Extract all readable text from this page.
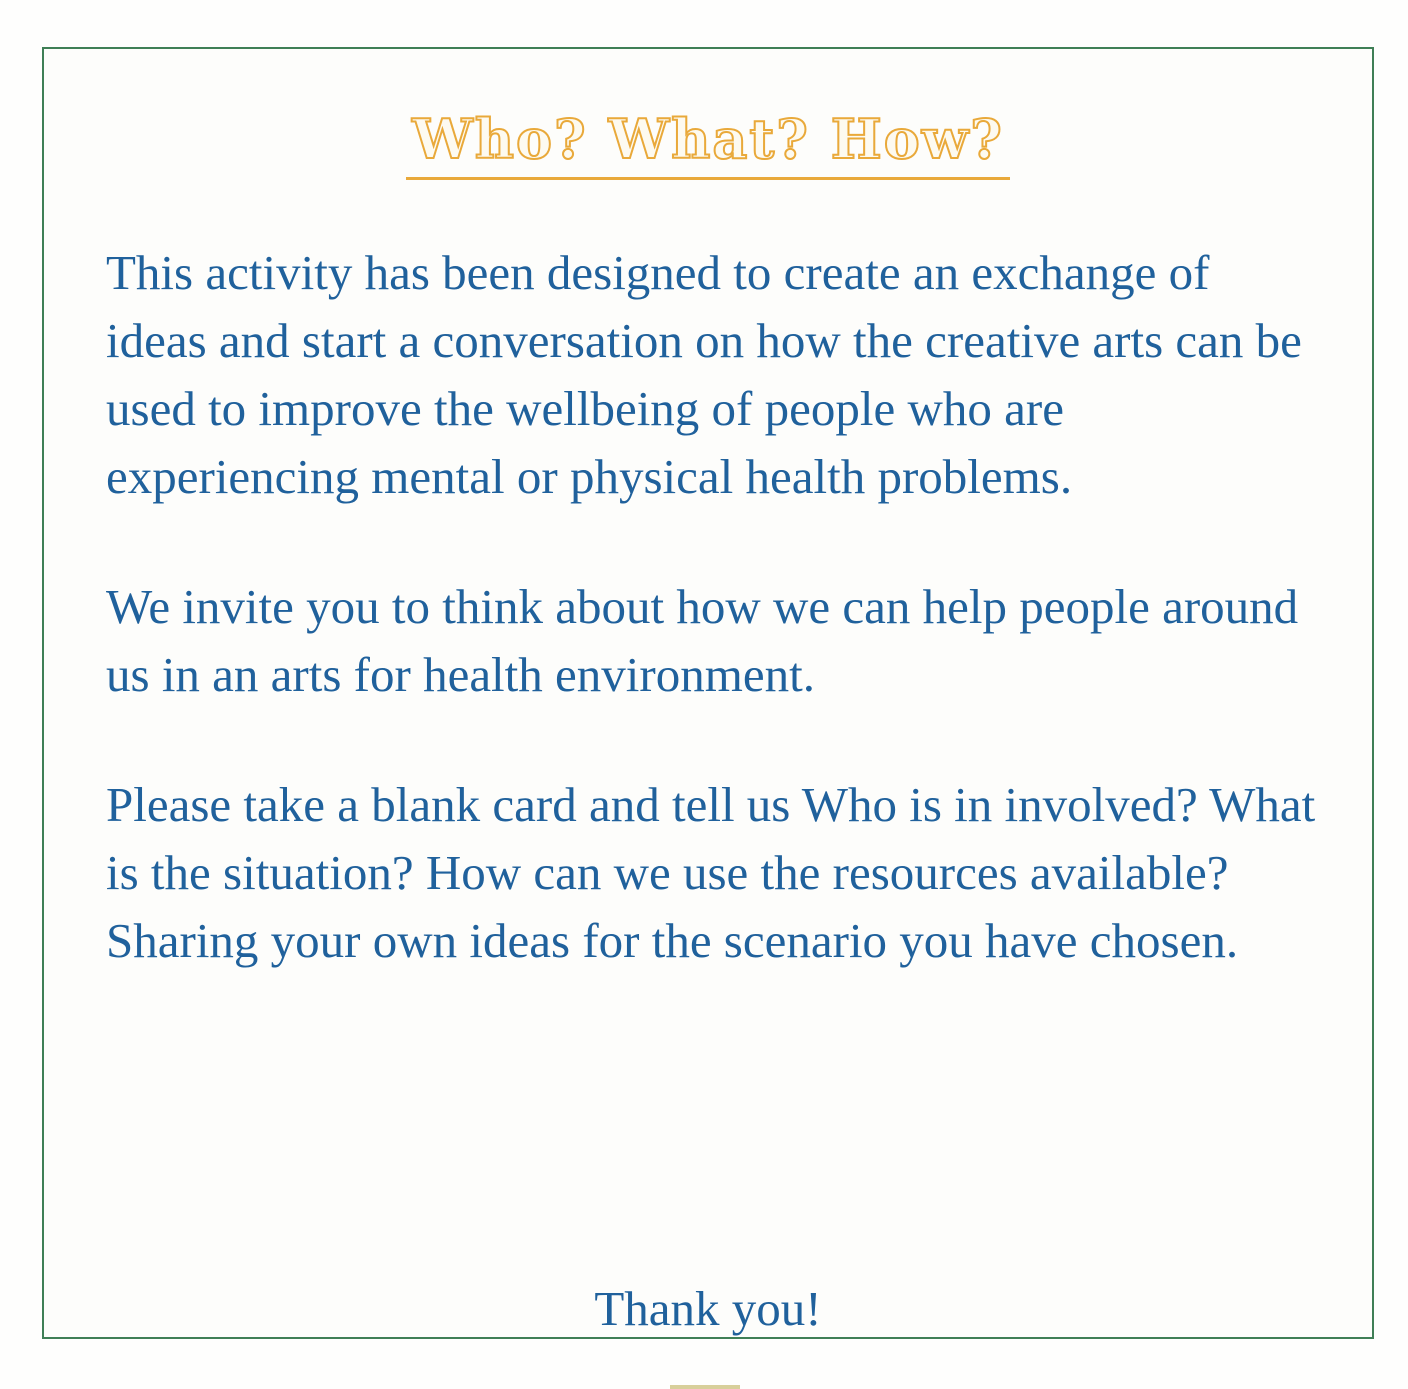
Who? What? How?

This activity has been designed to create an exchange of ideas and start a conversation on how the creative arts can be used to improve the wellbeing of people who are experiencing mental or physical health problems.

We invite you to think about how we can help people around us in an arts for health environment.

Please take a blank card and tell us Who is in involved? What is the situation? How can we use the resources available? Sharing your own ideas for the scenario you have chosen.

Thank you!
